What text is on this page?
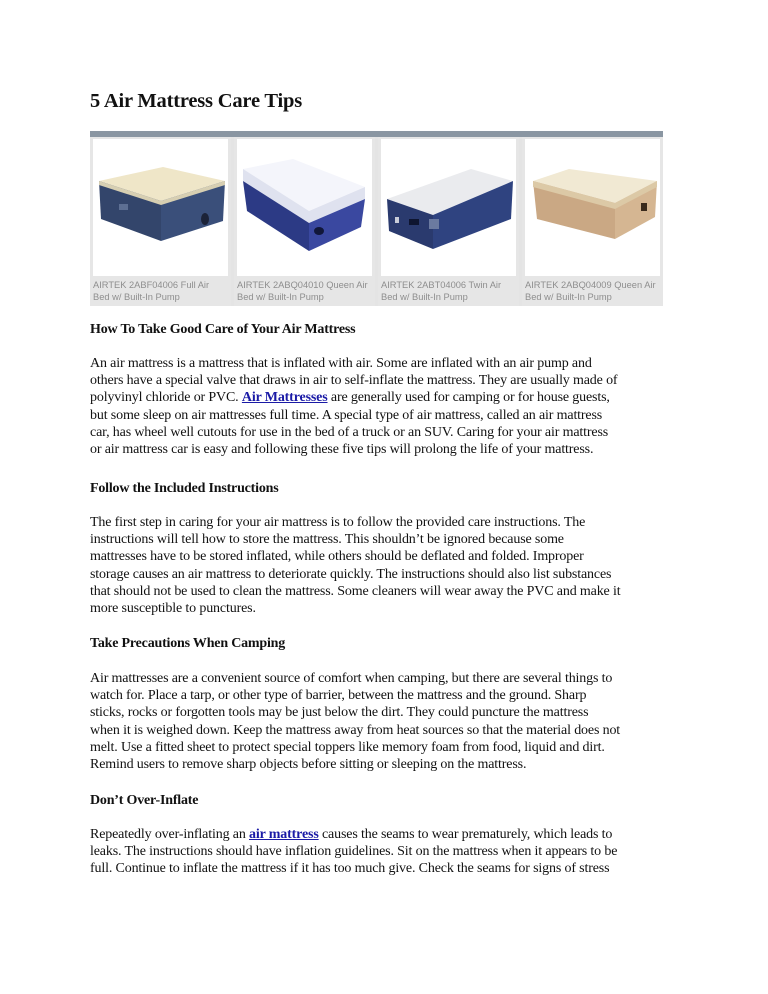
5 Air Mattress Care Tips
AIRTEK 2ABF04006 Full Air
Bed w/ Built-In Pump
AIRTEK 2ABQ04010 Queen Air
Bed w/ Built-In Pump
AIRTEK 2ABT04006 Twin Air
Bed w/ Built-In Pump
AIRTEK 2ABQ04009 Queen Air
Bed w/ Built-In Pump
How To Take Good Care of Your Air Mattress
An air mattress is a mattress that is inflated with air. Some are inflated with an air pump and
others have a special valve that draws in air to self-inflate the mattress. They are usually made of
polyvinyl chloride or PVC. Air Mattresses are generally used for camping or for house guests,
but some sleep on air mattresses full time. A special type of air mattress, called an air mattress
car, has wheel well cutouts for use in the bed of a truck or an SUV. Caring for your air mattress
or air mattress car is easy and following these five tips will prolong the life of your mattress.
Follow the Included Instructions
The first step in caring for your air mattress is to follow the provided care instructions. The
instructions will tell how to store the mattress. This shouldn’t be ignored because some
mattresses have to be stored inflated, while others should be deflated and folded. Improper
storage causes an air mattress to deteriorate quickly. The instructions should also list substances
that should not be used to clean the mattress. Some cleaners will wear away the PVC and make it
more susceptible to punctures.
Take Precautions When Camping
Air mattresses are a convenient source of comfort when camping, but there are several things to
watch for. Place a tarp, or other type of barrier, between the mattress and the ground. Sharp
sticks, rocks or forgotten tools may be just below the dirt. They could puncture the mattress
when it is weighed down. Keep the mattress away from heat sources so that the material does not
melt. Use a fitted sheet to protect special toppers like memory foam from food, liquid and dirt.
Remind users to remove sharp objects before sitting or sleeping on the mattress.
Don’t Over-Inflate
Repeatedly over-inflating an air mattress causes the seams to wear prematurely, which leads to
leaks. The instructions should have inflation guidelines. Sit on the mattress when it appears to be
full. Continue to inflate the mattress if it has too much give. Check the seams for signs of stress
